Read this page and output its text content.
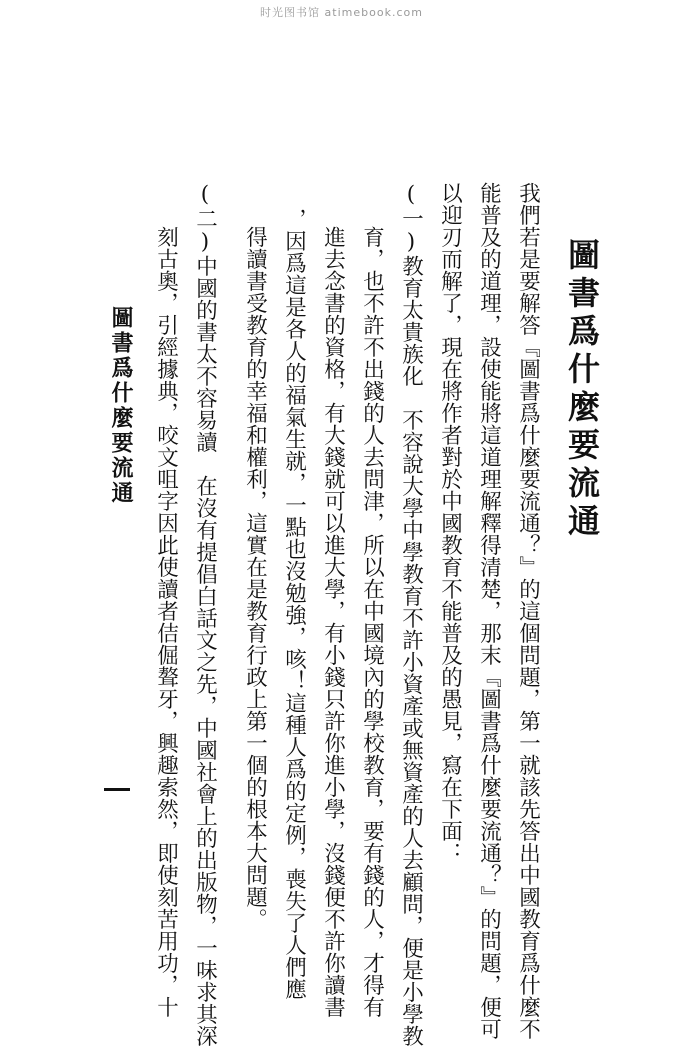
时光图书馆 atimebook.com
圖書爲什麼要流通
我們若是要解答『圖書爲什麼要流通？』的這個問題，第一就該先答出中國教育爲什麼不
能普及的道理，設使能將這道理解釋得清楚，那末『圖書爲什麼要流通？』的問題，便可
以迎刃而解了，現在將作者對於中國教育不能普及的愚見，寫在下面：
(一)教育太貴族化　不容說大學中學教育不許小資產或無資產的人去顧問，便是小學教
育，也不許不出錢的人去問津，所以在中國境內的學校教育，要有錢的人，才得有
進去念書的資格，有大錢就可以進大學，有小錢只許你進小學，沒錢便不許你讀書
，因爲這是各人的福氣生就，一點也沒勉強，咳！這種人爲的定例，喪失了人們應
得讀書受教育的幸福和權利，這實在是教育行政上第一個的根本大問題。
(二)中國的書太不容易讀　在沒有提倡白話文之先，中國社會上的出版物，一味求其深
刻古奧，引經據典，咬文咀字因此使讀者佶倔聱牙，興趣索然，即使刻苦用功，十
圖書爲什麼要流通
